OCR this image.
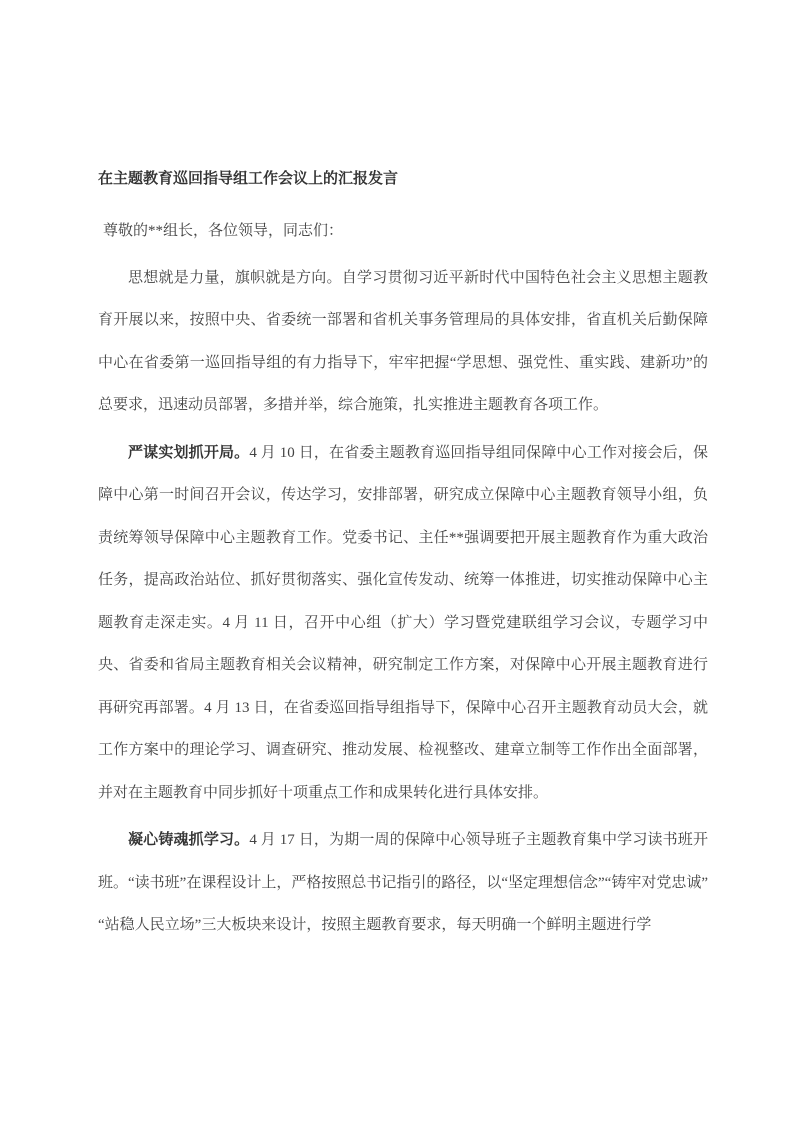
在主题教育巡回指导组工作会议上的汇报发言

尊敬的**组长，各位领导，同志们：

思想就是力量，旗帜就是方向。自学习贯彻习近平新时代中国特色社会主义思想主题教育开展以来，按照中央、省委统一部署和省机关事务管理局的具体安排，省直机关后勤保障中心在省委第一巡回指导组的有力指导下，牢牢把握“学思想、强党性、重实践、建新功”的总要求，迅速动员部署，多措并举，综合施策，扎实推进主题教育各项工作。

严谋实划抓开局。4 月 10 日，在省委主题教育巡回指导组同保障中心工作对接会后，保障中心第一时间召开会议，传达学习，安排部署，研究成立保障中心主题教育领导小组，负责统筹领导保障中心主题教育工作。党委书记、主任**强调要把开展主题教育作为重大政治任务，提高政治站位、抓好贯彻落实、强化宣传发动、统筹一体推进，切实推动保障中心主题教育走深走实。4 月 11 日，召开中心组（扩大）学习暨党建联组学习会议，专题学习中央、省委和省局主题教育相关会议精神，研究制定工作方案，对保障中心开展主题教育进行再研究再部署。4 月 13 日，在省委巡回指导组指导下，保障中心召开主题教育动员大会，就工作方案中的理论学习、调查研究、推动发展、检视整改、建章立制等工作作出全面部署，并对在主题教育中同步抓好十项重点工作和成果转化进行具体安排。

凝心铸魂抓学习。4 月 17 日，为期一周的保障中心领导班子主题教育集中学习读书班开班。“读书班”在课程设计上，严格按照总书记指引的路径，以“坚定理想信念”“铸牢对党忠诚”“站稳人民立场”三大板块来设计，按照主题教育要求，每天明确一个鲜明主题进行学
